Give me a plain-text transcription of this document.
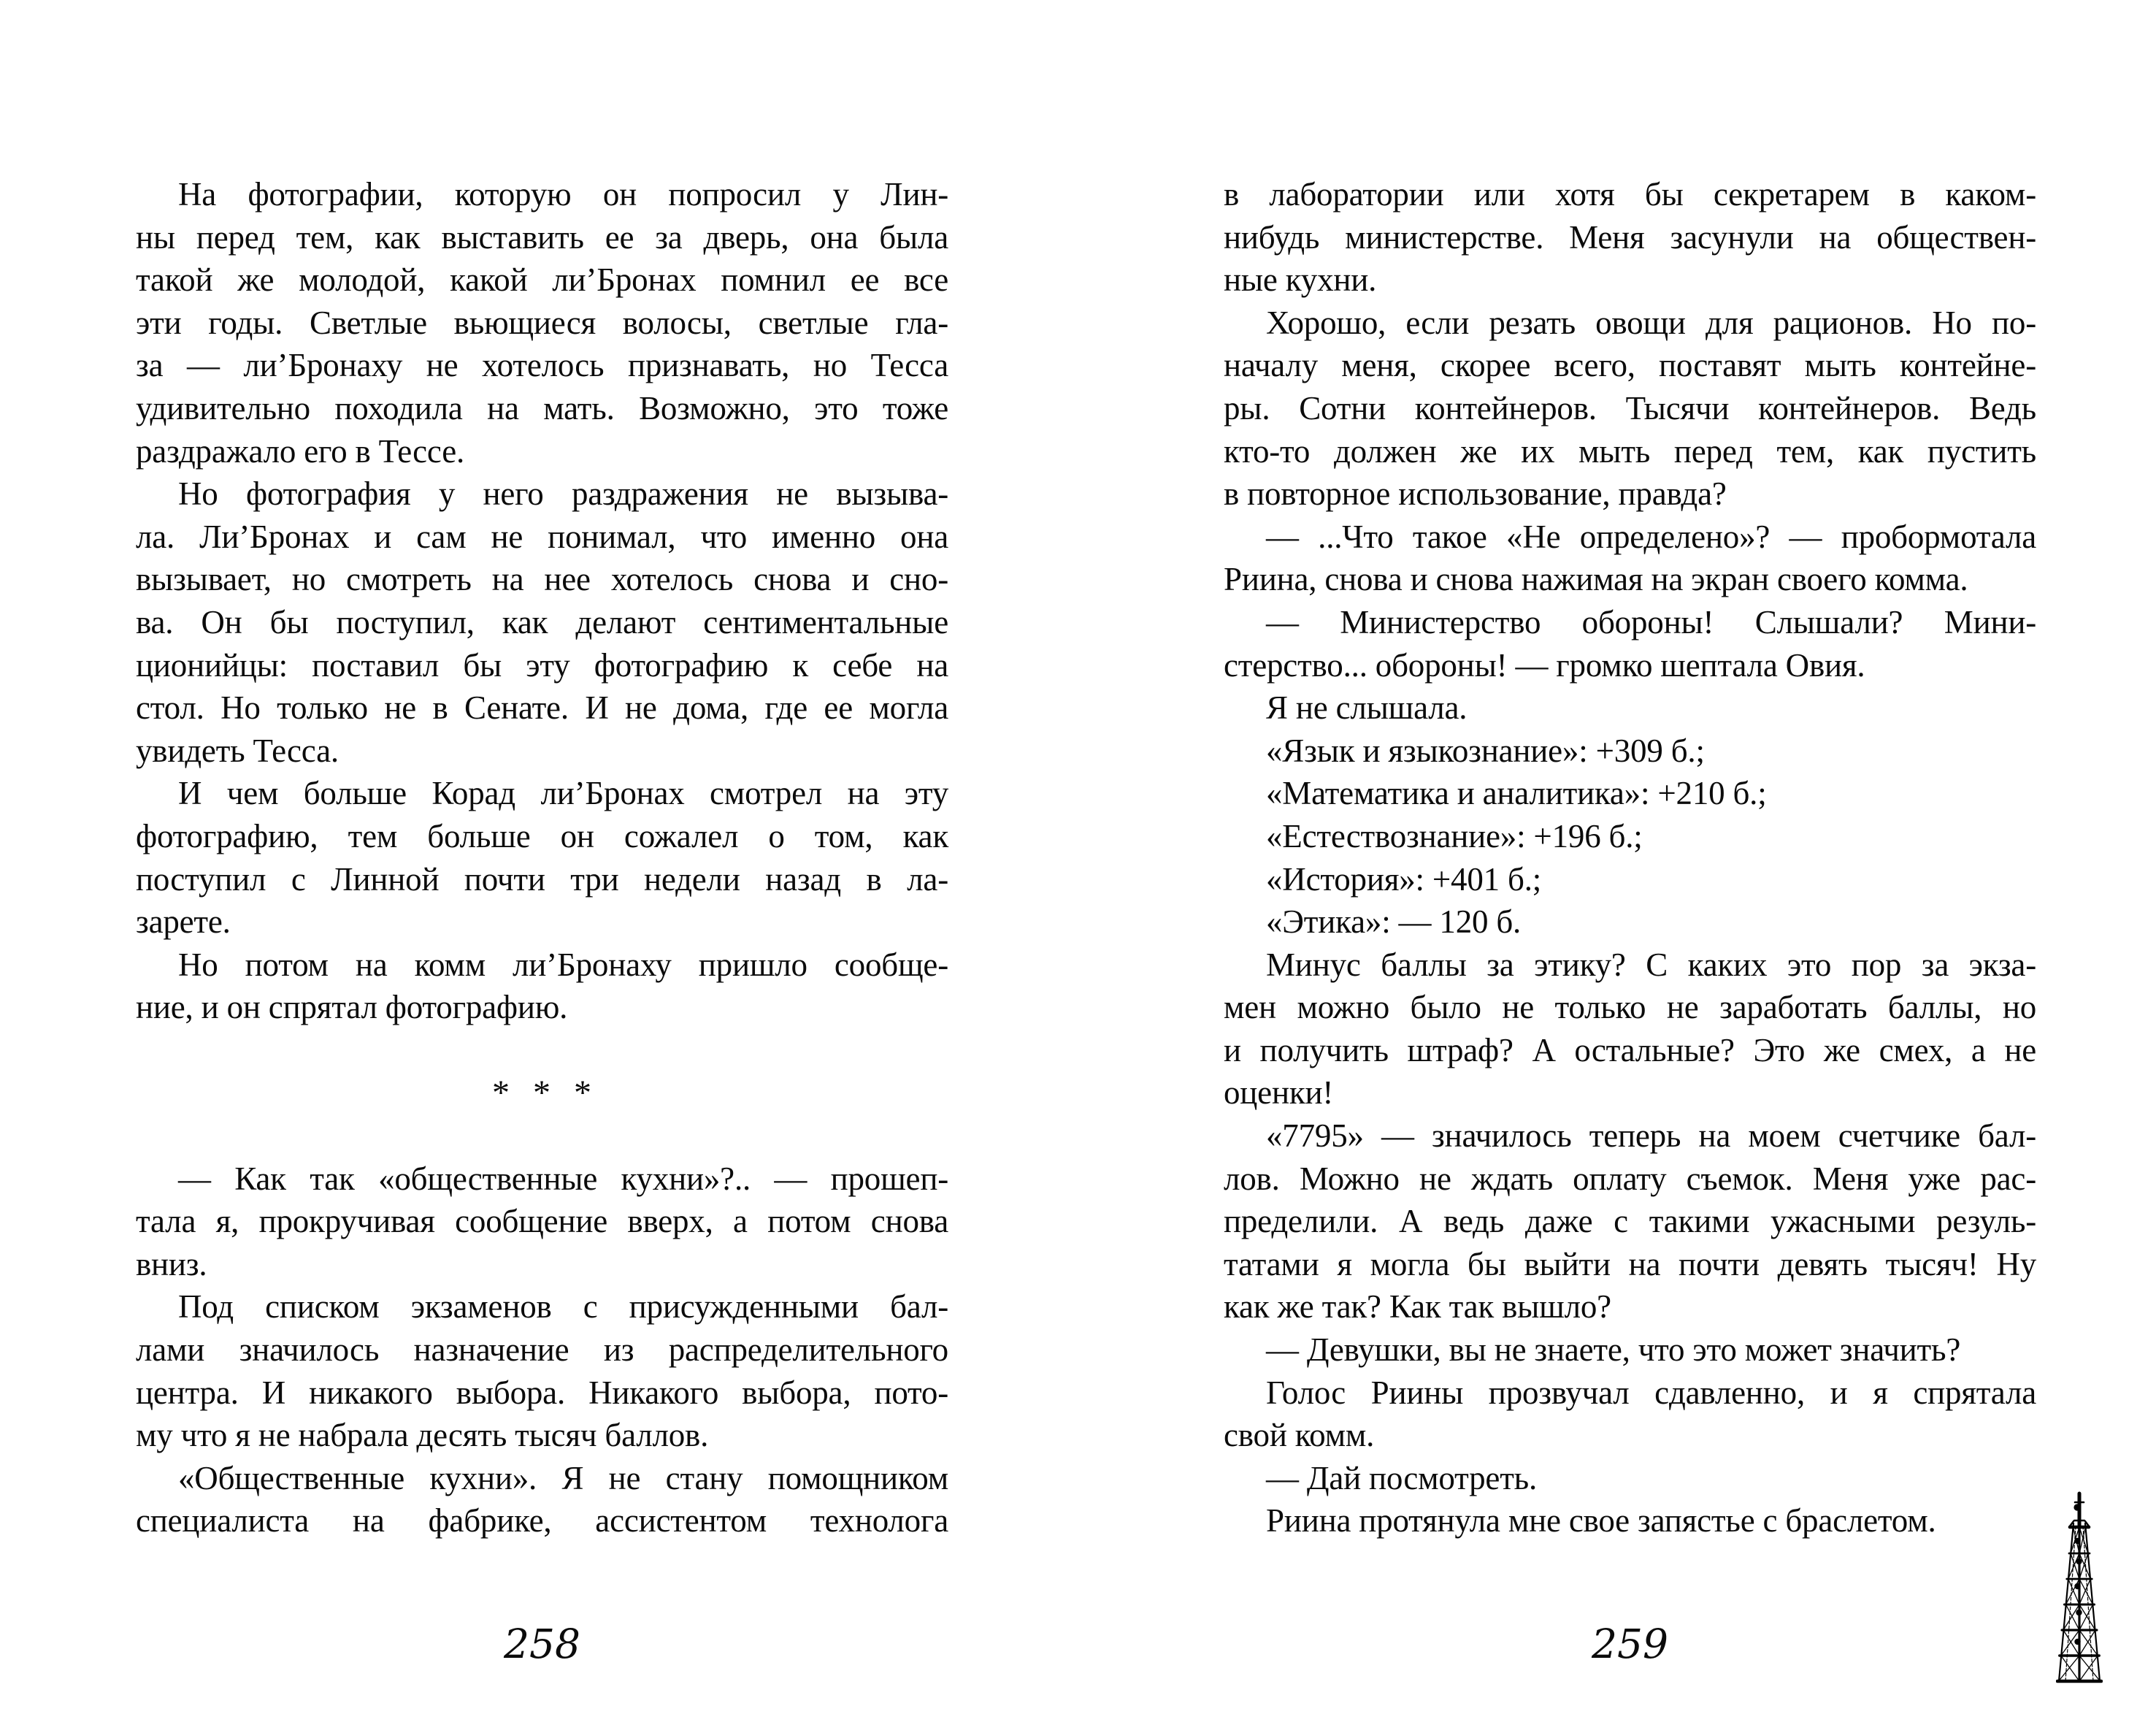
На фотографии, которую он попросил у Лин-
ны перед тем, как выставить ее за дверь, она была
такой же молодой, какой ли’Бронах помнил ее все
эти годы. Светлые вьющиеся волосы, светлые гла-
за — ли’Бронаху не хотелось признавать, но Тесса
удивительно походила на мать. Возможно, это тоже
раздражало его в Тессе.
Но фотография у него раздражения не вызыва-
ла. Ли’Бронах и сам не понимал, что именно она
вызывает, но смотреть на нее хотелось снова и сно-
ва. Он бы поступил, как делают сентиментальные
ционийцы: поставил бы эту фотографию к себе на
стол. Но только не в Сенате. И не дома, где ее могла
увидеть Тесса.
И чем больше Корад ли’Бронах смотрел на эту
фотографию, тем больше он сожалел о том, как
поступил с Линной почти три недели назад в ла-
зарете.
Но потом на комм ли’Бронаху пришло сообще-
ние, и он спрятал фотографию.
* * *
— Как так «общественные кухни»?.. — прошеп-
тала я, прокручивая сообщение вверх, а потом снова
вниз.
Под списком экзаменов с присужденными бал-
лами значилось назначение из распределительного
центра. И никакого выбора. Никакого выбора, пото-
му что я не набрала десять тысяч баллов.
«Общественные кухни». Я не стану помощником
специалиста на фабрике, ассистентом технолога
в лаборатории или хотя бы секретарем в каком-
нибудь министерстве. Меня засунули на обществен-
ные кухни.
Хорошо, если резать овощи для рационов. Но по-
началу меня, скорее всего, поставят мыть контейне-
ры. Сотни контейнеров. Тысячи контейнеров. Ведь
кто-то должен же их мыть перед тем, как пустить
в повторное использование, правда?
— ...Что такое «Не определено»? — пробормотала
Риина, снова и снова нажимая на экран своего комма.
— Министерство обороны! Слышали? Мини-
стерство... обороны! — громко шептала Овия.
Я не слышала.
«Язык и языкознание»: +309 б.;
«Математика и аналитика»: +210 б.;
«Естествознание»: +196 б.;
«История»: +401 б.;
«Этика»: — 120 б.
Минус баллы за этику? С каких это пор за экза-
мен можно было не только не заработать баллы, но
и получить штраф? А остальные? Это же смех, а не
оценки!
«7795» — значилось теперь на моем счетчике бал-
лов. Можно не ждать оплату съемок. Меня уже рас-
пределили. А ведь даже с такими ужасными резуль-
татами я могла бы выйти на почти девять тысяч! Ну
как же так? Как так вышло?
— Девушки, вы не знаете, что это может значить?
Голос Риины прозвучал сдавленно, и я спрятала
свой комм.
— Дай посмотреть.
Риина протянула мне свое запястье с браслетом.
258	259
